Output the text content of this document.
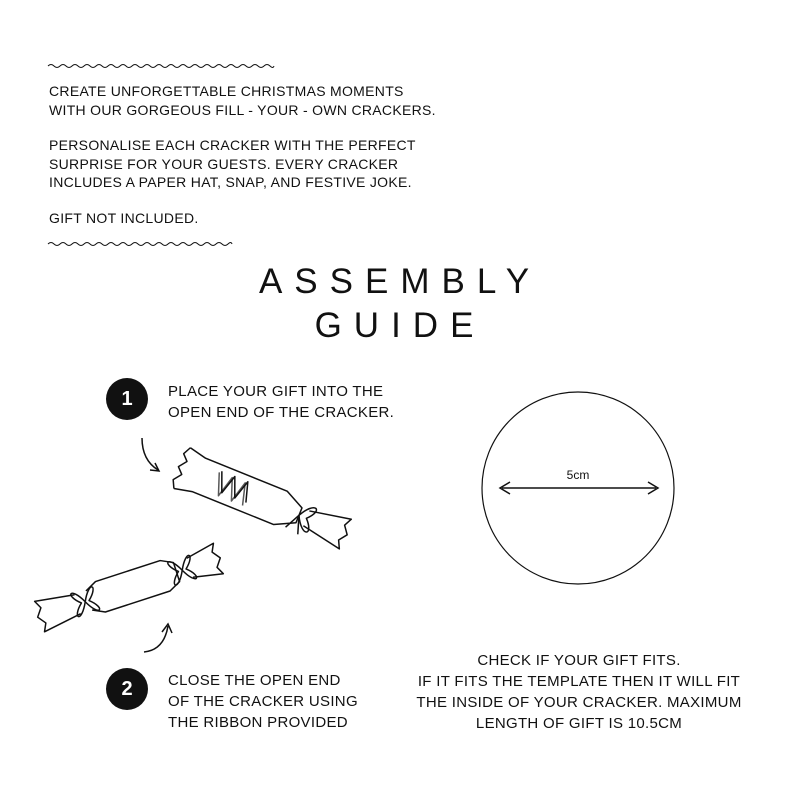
CREATE UNFORGETTABLE CHRISTMAS MOMENTS
WITH OUR GORGEOUS FILL - YOUR - OWN CRACKERS.

PERSONALISE EACH CRACKER WITH THE PERFECT
SURPRISE FOR YOUR GUESTS. EVERY CRACKER
INCLUDES A PAPER HAT, SNAP, AND FESTIVE JOKE.

GIFT NOT INCLUDED.

ASSEMBLY
GUIDE
1	PLACE YOUR GIFT INTO THE
OPEN END OF THE CRACKER.
2	CLOSE THE OPEN END
OF THE CRACKER USING
THE RIBBON PROVIDED
5cm
CHECK IF YOUR GIFT FITS.
IF IT FITS THE TEMPLATE THEN IT WILL FIT
THE INSIDE OF YOUR CRACKER. MAXIMUM
LENGTH OF GIFT IS 10.5CM
